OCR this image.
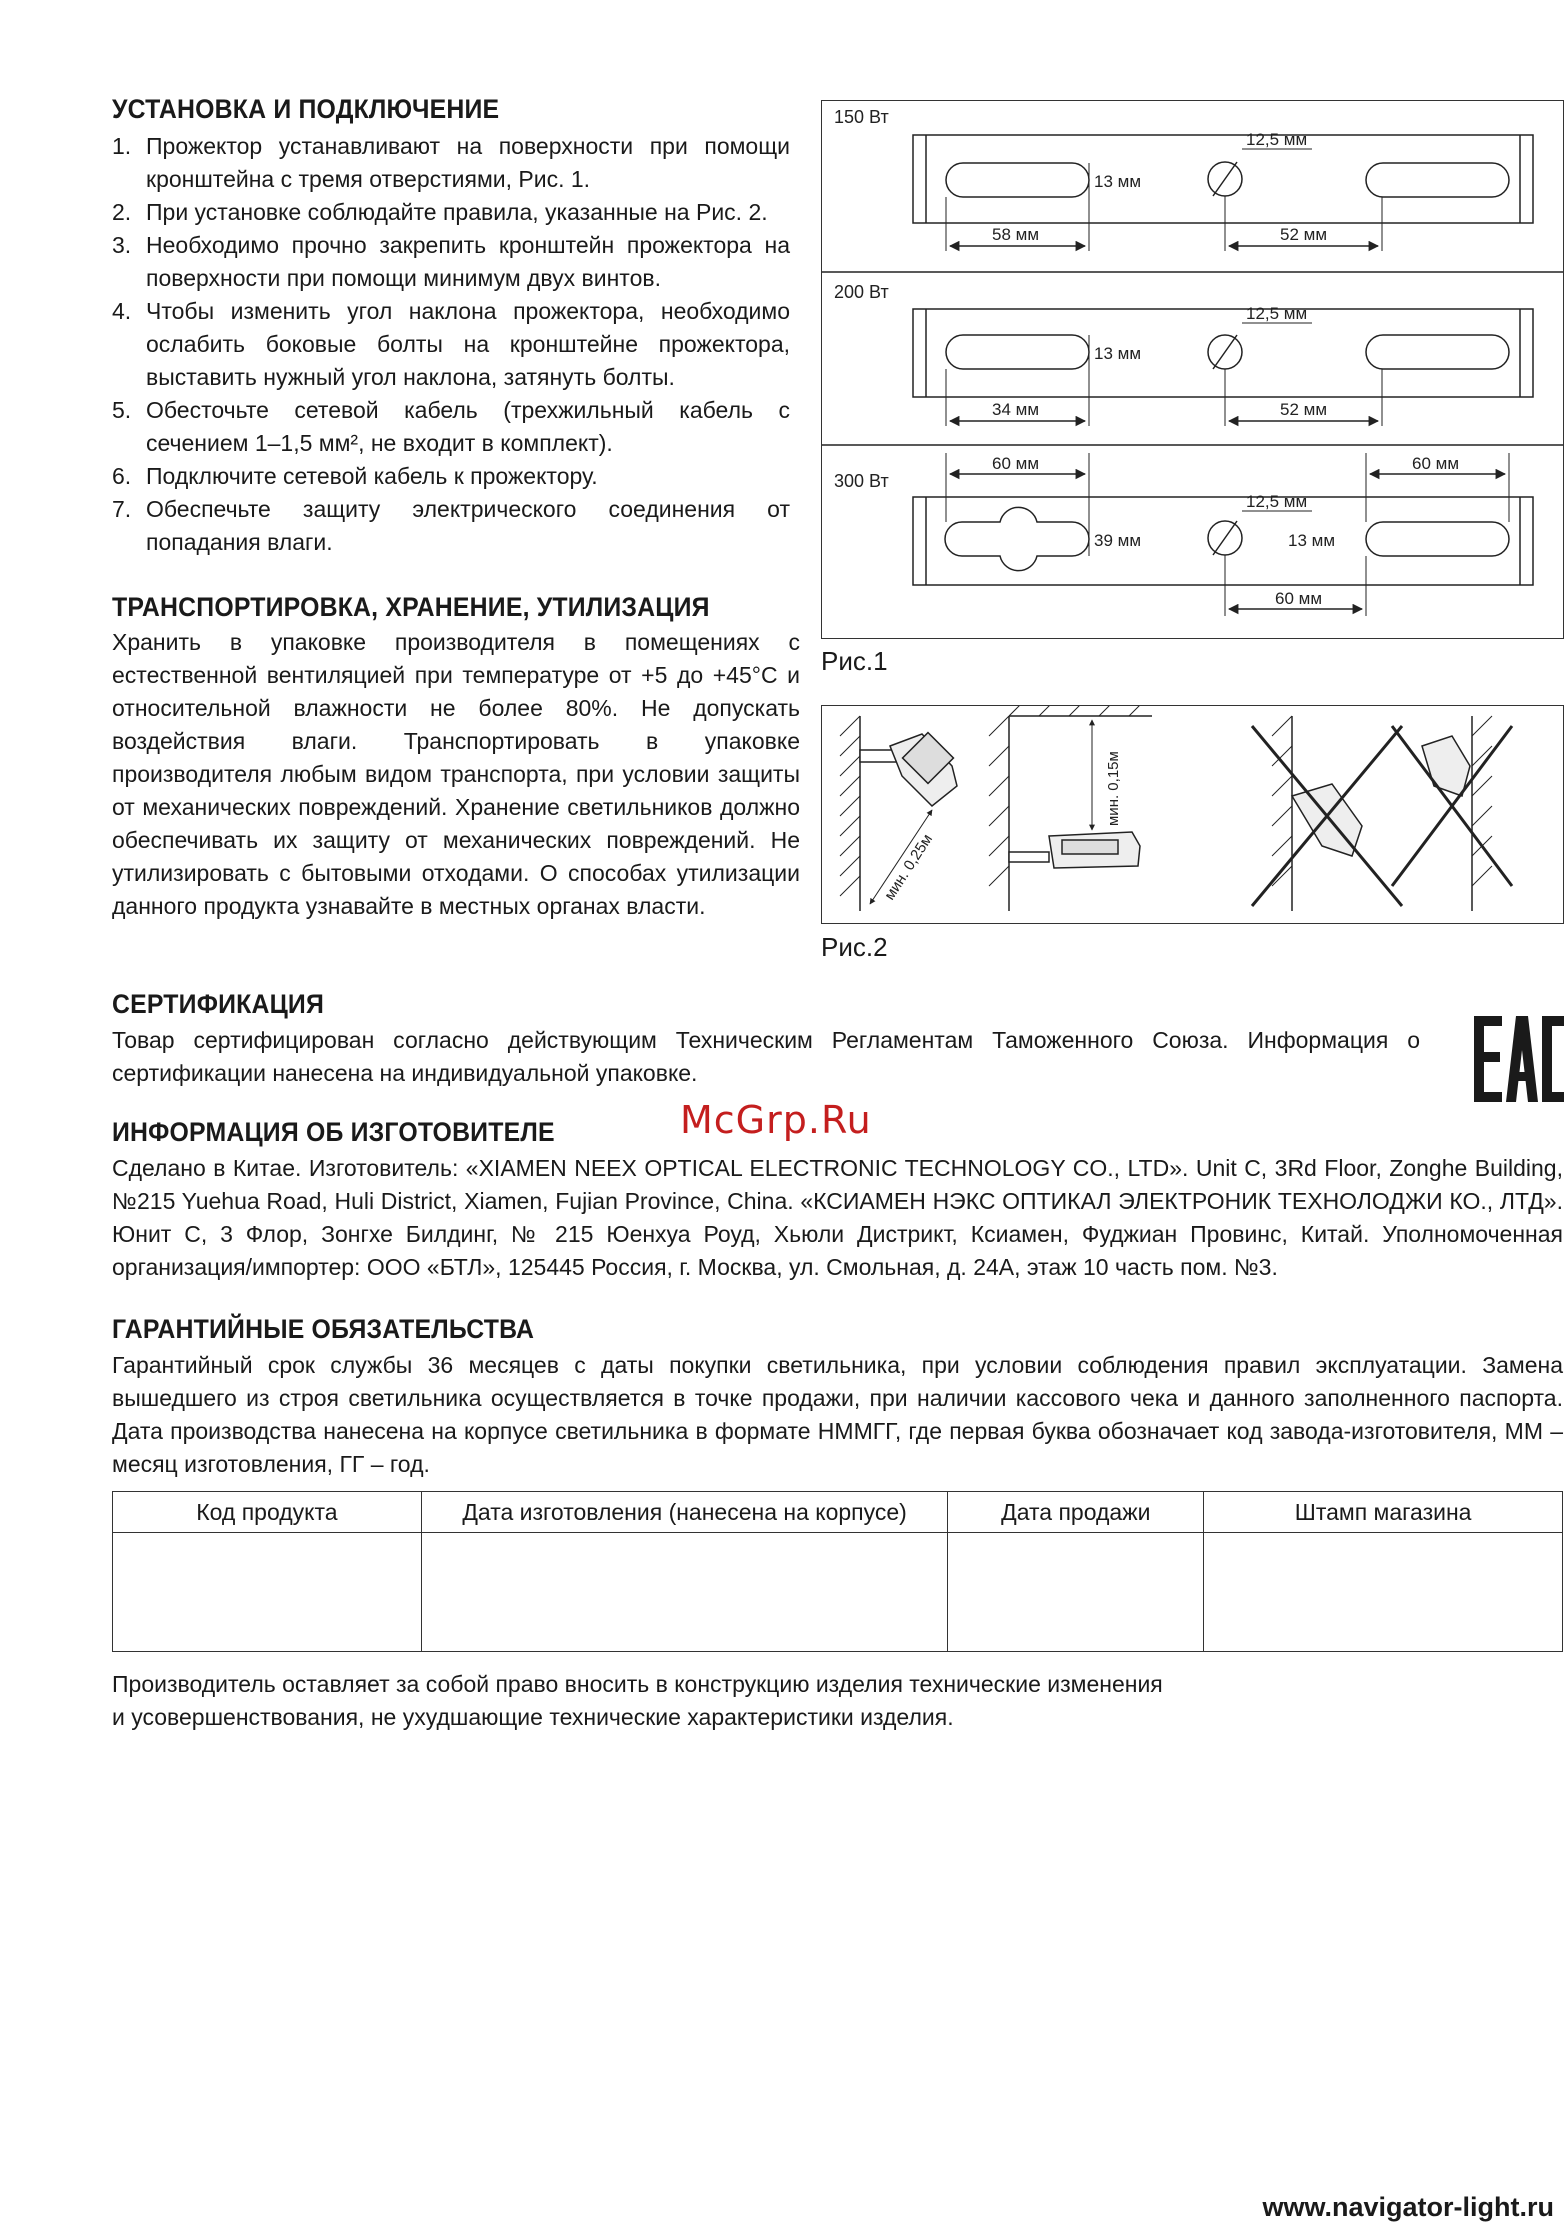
УСТАНОВКА И ПОДКЛЮЧЕНИЕ
1. Прожектор устанавливают на поверхности при помощи кронштейна с тремя отверстиями, Рис. 1.
2. При установке соблюдайте правила, указанные на Рис. 2.
3. Необходимо прочно закрепить кронштейн прожектора на поверхности при помощи минимум двух винтов.
4. Чтобы изменить угол наклона прожектора, необходимо ослабить боковые болты на кронштейне прожектора, выставить нужный угол наклона, затянуть болты.
5. Обесточьте сетевой кабель (трехжильный кабель с сечением 1–1,5 мм², не входит в комплект).
6. Подключите сетевой кабель к прожектору.
7. Обеспечьте защиту электрического соединения от попадания влаги.
ТРАНСПОРТИРОВКА, ХРАНЕНИЕ, УТИЛИЗАЦИЯ

Хранить в упаковке производителя в помещениях с естественной вентиляцией при температуре от +5 до +45°С и относительной влажности не более 80%. Не допускать воздействия влаги. Транспортировать в упаковке производителя любым видом транспорта, при условии защиты от механических повреждений. Хранение светильников должно обеспечивать их защиту от механических повреждений. Не утилизировать с бытовыми отходами. О способах утилизации данного продукта узнавайте в местных органах власти.

150 Вт
12,5 мм
13 мм
58 мм	52 мм
200 Вт
12,5 мм
13 мм
34 мм	52 мм
300 Вт
12,5 мм
13 мм
39 мм
60 мм	60 мм
60 мм
Рис.1
мин. 0,25м
мин. 0,15м
Рис.2
СЕРТИФИКАЦИЯ

Товар сертифицирован согласно действующим Техническим Регламентам Таможенного Союза. Информация о сертификации нанесена на индивидуальной упаковке.

McGrp.Ru
ИНФОРМАЦИЯ ОБ ИЗГОТОВИТЕЛЕ

Сделано в Китае. Изготовитель: «XIAMEN NEEX OPTICAL ELECTRONIC TECHNOLOGY CO., LTD». Unit C, 3Rd Floor, Zonghe Building, №215 Yuehua Road, Huli District, Xiamen, Fujian Province, China. «КСИАМЕН НЭКС ОПТИКАЛ ЭЛЕКТРОНИК ТЕХНОЛОДЖИ КО., ЛТД». Юнит С, 3 Флор, Зонгхе Билдинг, № 215 Юенхуа Роуд, Хьюли Дистрикт, Ксиамен, Фуджиан Провинс, Китай. Уполномоченная организация/импортер: ООО «БТЛ», 125445 Россия, г. Москва, ул. Смольная, д. 24А, этаж 10 часть пом. №3.

ГАРАНТИЙНЫЕ ОБЯЗАТЕЛЬСТВА

Гарантийный срок службы 36 месяцев с даты покупки светильника, при условии соблюдения правил эксплуатации. Замена вышедшего из строя светильника осуществляется в точке продажи, при наличии кассового чека и данного заполненного паспорта. Дата производства нанесена на корпусе светильника в формате НММГГ, где первая буква обозначает код завода-изготовителя, ММ – месяц изготовления, ГГ – год.

Код продукта	Дата изготовления (нанесена на корпусе)	Дата продажи	Штамп магазина

Производитель оставляет за собой право вносить в конструкцию изделия технические изменения
и усовершенствования, не ухудшающие технические характеристики изделия.

www.navigator-light.ru
